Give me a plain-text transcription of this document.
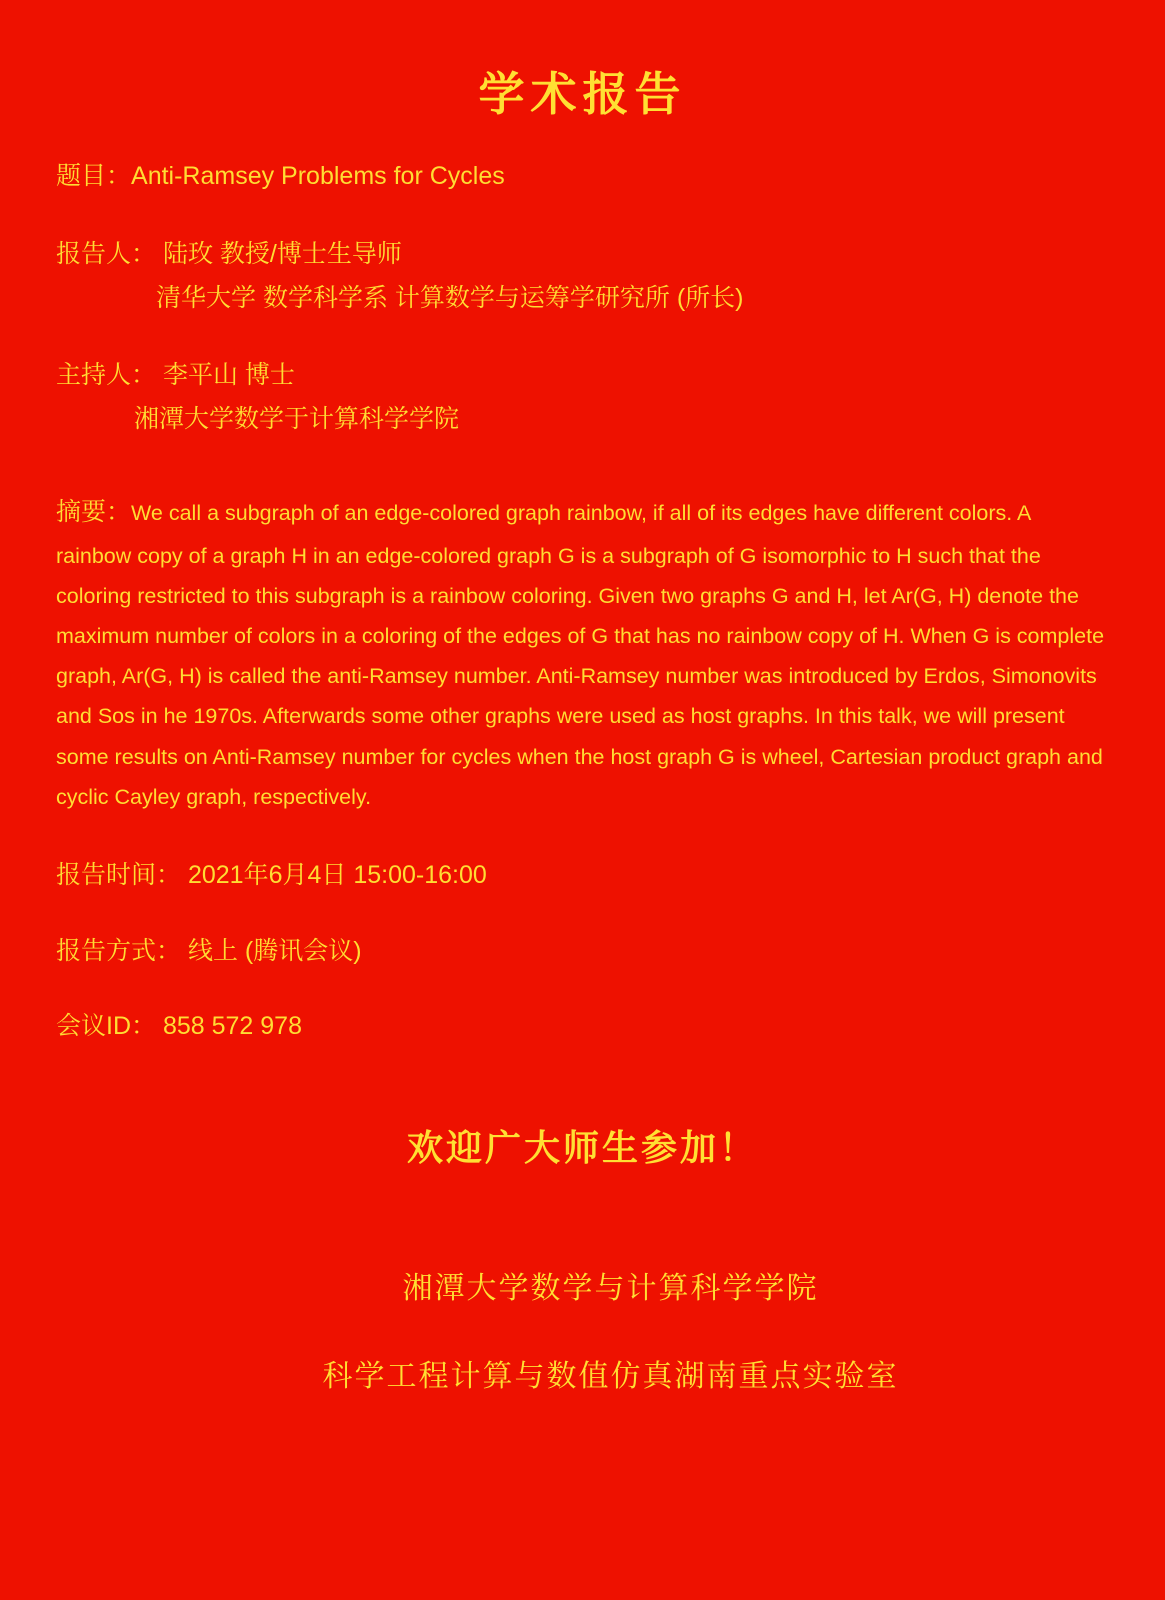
学术报告

题目：Anti-Ramsey Problems for Cycles

报告人： 陆玫 教授/博士生导师

清华大学 数学科学系 计算数学与运筹学研究所 (所长)

主持人： 李平山 博士

湘潭大学数学于计算科学学院

摘要：We call a subgraph of an edge-colored graph rainbow, if all of its edges have different colors. A rainbow copy of a graph H in an edge-colored graph G is a subgraph of G isomorphic to H such that the coloring restricted to this subgraph is a rainbow coloring. Given two graphs G and H, let Ar(G, H) denote the maximum number of colors in a coloring of the edges of G that has no rainbow copy of H. When G is complete graph, Ar(G, H) is called the anti-Ramsey number. Anti-Ramsey number was introduced by Erdos, Simonovits and Sos in he 1970s. Afterwards some other graphs were used as host graphs. In this talk, we will present some results on Anti-Ramsey number for cycles when the host graph G is wheel, Cartesian product graph and cyclic Cayley graph, respectively.

报告时间： 2021年6月4日 15:00-16:00

报告方式： 线上 (腾讯会议)

会议ID： 858 572 978

欢迎广大师生参加！
湘潭大学数学与计算科学学院
科学工程计算与数值仿真湖南重点实验室
